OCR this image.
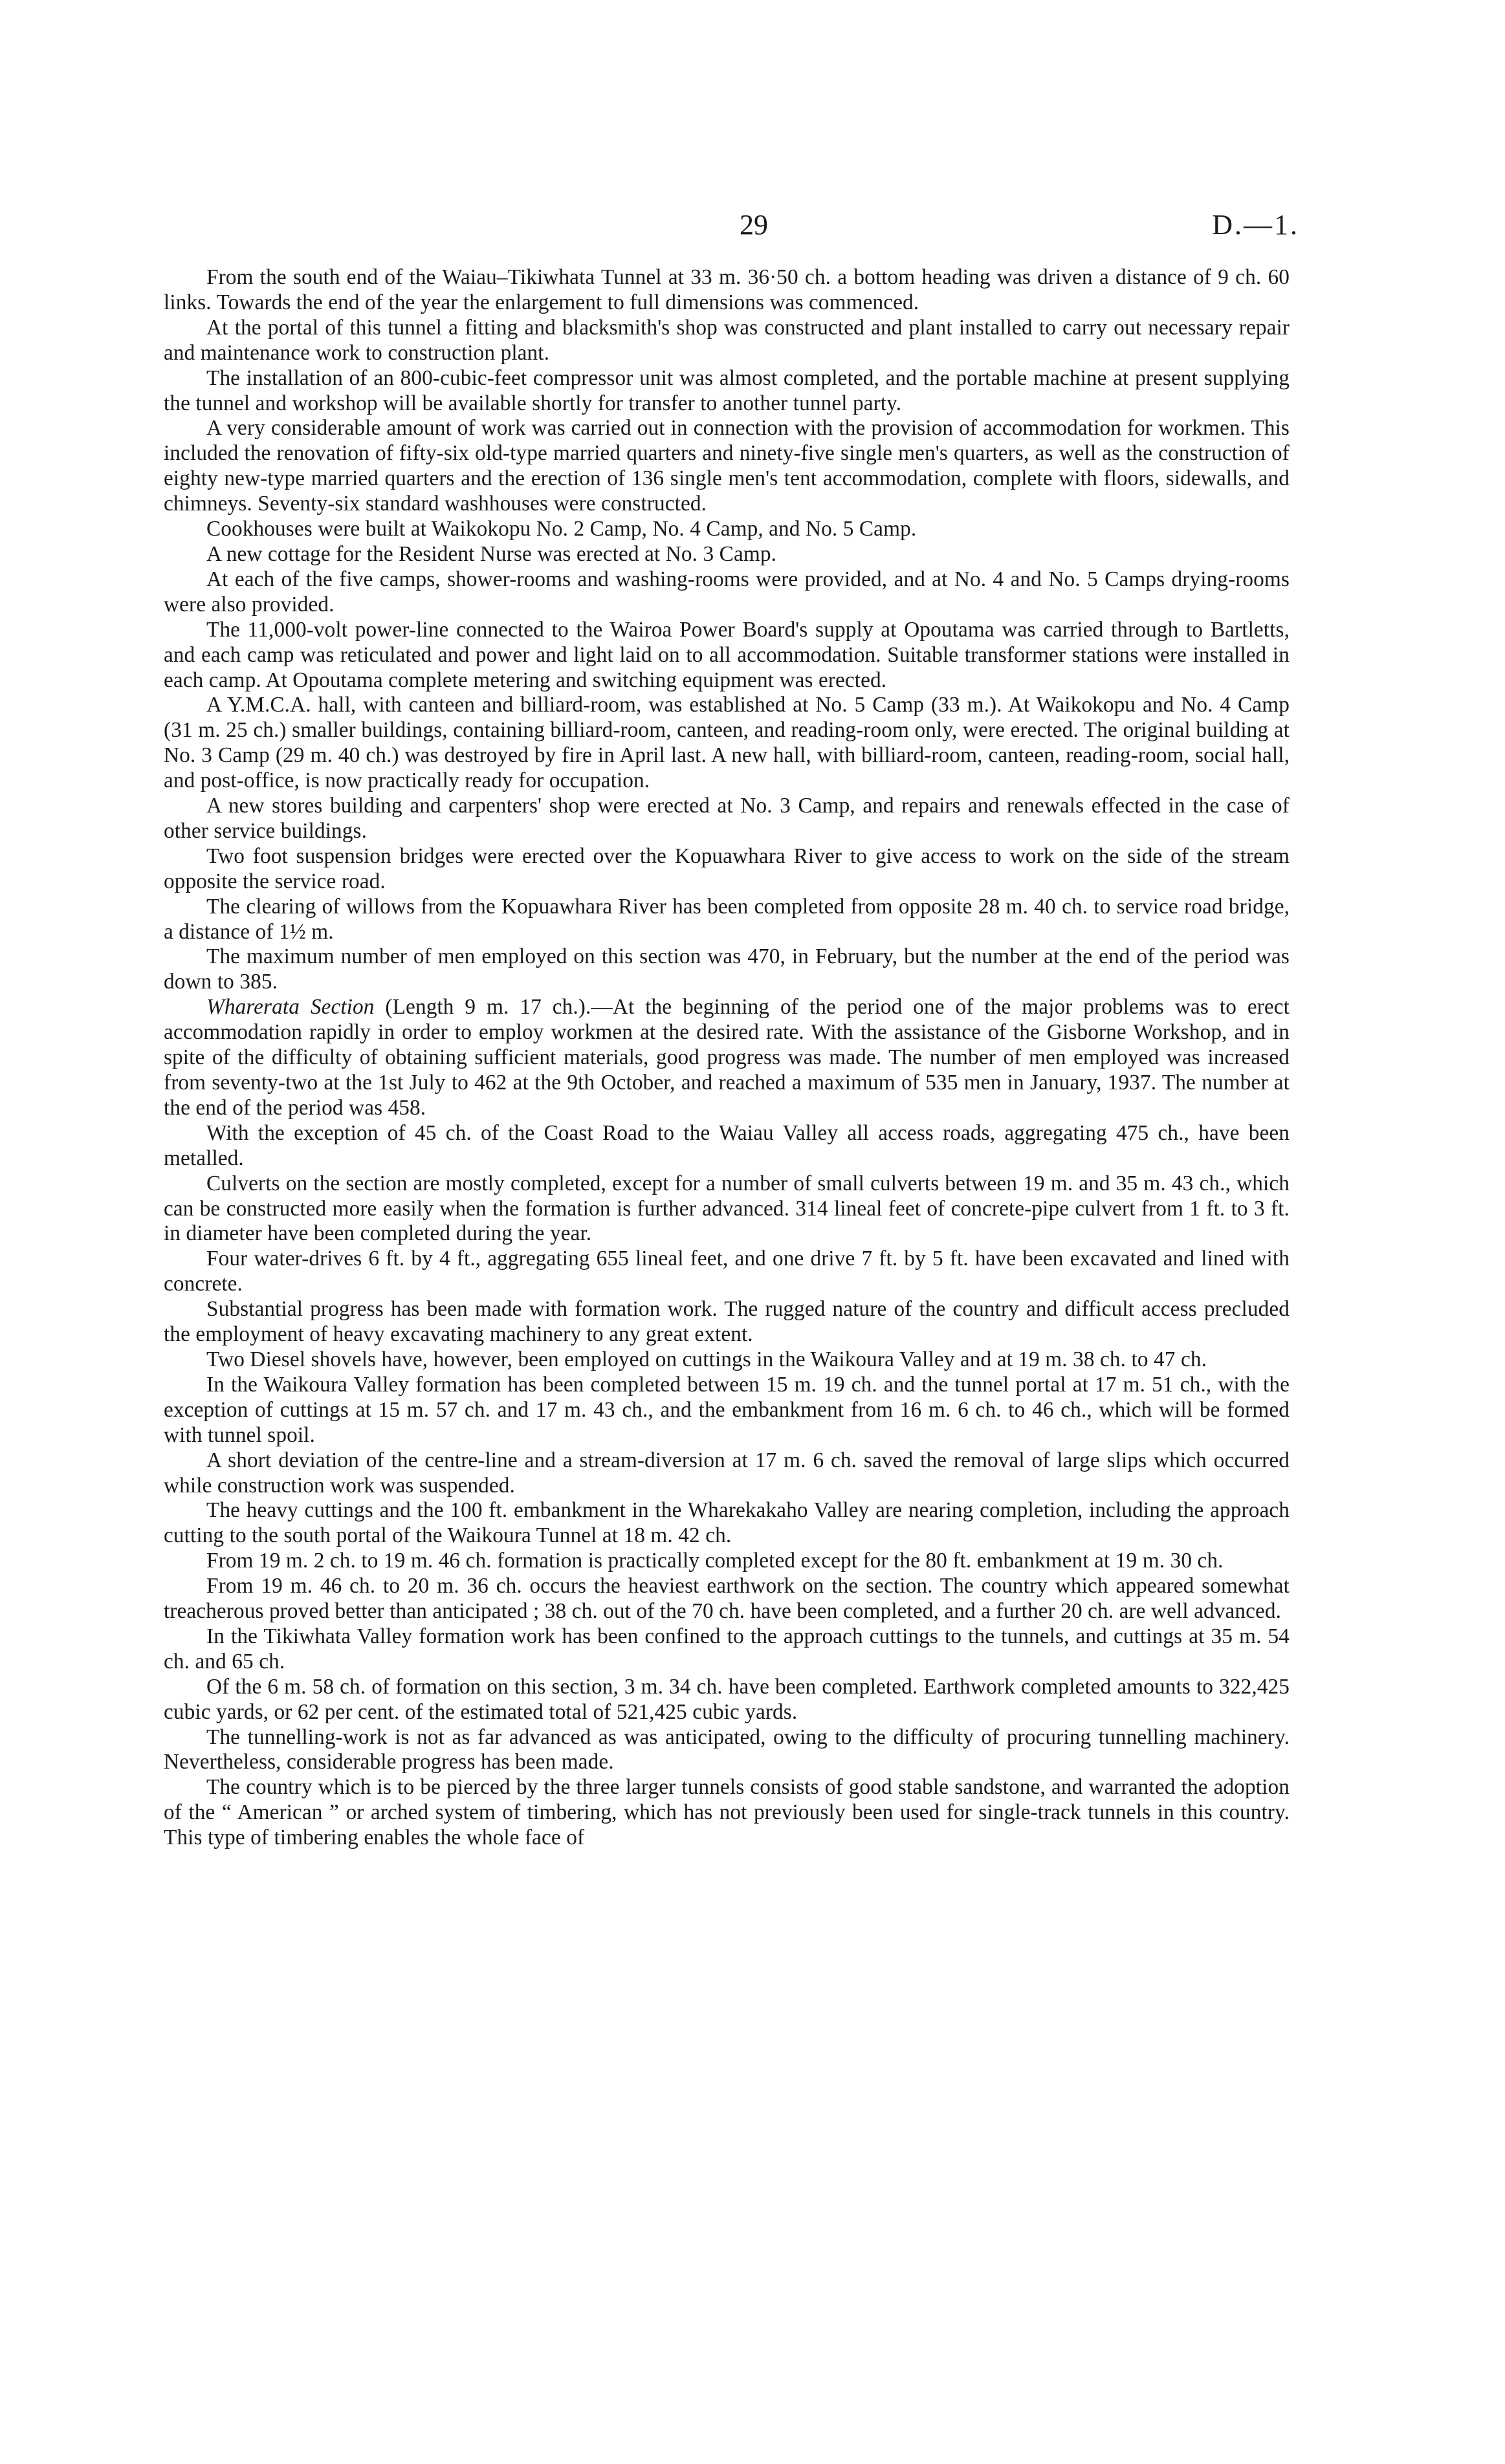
29	D.—1.

From the south end of the Waiau–Tikiwhata Tunnel at 33 m. 36·50 ch. a bottom heading was driven a distance of 9 ch. 60 links. Towards the end of the year the enlargement to full dimensions was commenced.

At the portal of this tunnel a fitting and blacksmith's shop was constructed and plant installed to carry out necessary repair and maintenance work to construction plant.

The installation of an 800-cubic-feet compressor unit was almost completed, and the portable machine at present supplying the tunnel and workshop will be available shortly for transfer to another tunnel party.

A very considerable amount of work was carried out in connection with the provision of accommodation for workmen. This included the renovation of fifty-six old-type married quarters and ninety-five single men's quarters, as well as the construction of eighty new-type married quarters and the erection of 136 single men's tent accommodation, complete with floors, sidewalls, and chimneys. Seventy-six standard washhouses were constructed.

Cookhouses were built at Waikokopu No. 2 Camp, No. 4 Camp, and No. 5 Camp.

A new cottage for the Resident Nurse was erected at No. 3 Camp.

At each of the five camps, shower-rooms and washing-rooms were provided, and at No. 4 and No. 5 Camps drying-rooms were also provided.

The 11,000-volt power-line connected to the Wairoa Power Board's supply at Opoutama was carried through to Bartletts, and each camp was reticulated and power and light laid on to all accommodation. Suitable transformer stations were installed in each camp. At Opoutama complete metering and switching equipment was erected.

A Y.M.C.A. hall, with canteen and billiard-room, was established at No. 5 Camp (33 m.). At Waikokopu and No. 4 Camp (31 m. 25 ch.) smaller buildings, containing billiard-room, canteen, and reading-room only, were erected. The original building at No. 3 Camp (29 m. 40 ch.) was destroyed by fire in April last. A new hall, with billiard-room, canteen, reading-room, social hall, and post-office, is now practically ready for occupation.

A new stores building and carpenters' shop were erected at No. 3 Camp, and repairs and renewals effected in the case of other service buildings.

Two foot suspension bridges were erected over the Kopuawhara River to give access to work on the side of the stream opposite the service road.

The clearing of willows from the Kopuawhara River has been completed from opposite 28 m. 40 ch. to service road bridge, a distance of 1½ m.

The maximum number of men employed on this section was 470, in February, but the number at the end of the period was down to 385.

Wharerata Section (Length 9 m. 17 ch.).—At the beginning of the period one of the major problems was to erect accommodation rapidly in order to employ workmen at the desired rate. With the assistance of the Gisborne Workshop, and in spite of the difficulty of obtaining sufficient materials, good progress was made. The number of men employed was increased from seventy-two at the 1st July to 462 at the 9th October, and reached a maximum of 535 men in January, 1937. The number at the end of the period was 458.

With the exception of 45 ch. of the Coast Road to the Waiau Valley all access roads, aggregating 475 ch., have been metalled.

Culverts on the section are mostly completed, except for a number of small culverts between 19 m. and 35 m. 43 ch., which can be constructed more easily when the formation is further advanced. 314 lineal feet of concrete-pipe culvert from 1 ft. to 3 ft. in diameter have been completed during the year.

Four water-drives 6 ft. by 4 ft., aggregating 655 lineal feet, and one drive 7 ft. by 5 ft. have been excavated and lined with concrete.

Substantial progress has been made with formation work. The rugged nature of the country and difficult access precluded the employment of heavy excavating machinery to any great extent.

Two Diesel shovels have, however, been employed on cuttings in the Waikoura Valley and at 19 m. 38 ch. to 47 ch.

In the Waikoura Valley formation has been completed between 15 m. 19 ch. and the tunnel portal at 17 m. 51 ch., with the exception of cuttings at 15 m. 57 ch. and 17 m. 43 ch., and the embankment from 16 m. 6 ch. to 46 ch., which will be formed with tunnel spoil.

A short deviation of the centre-line and a stream-diversion at 17 m. 6 ch. saved the removal of large slips which occurred while construction work was suspended.

The heavy cuttings and the 100 ft. embankment in the Wharekakaho Valley are nearing completion, including the approach cutting to the south portal of the Waikoura Tunnel at 18 m. 42 ch.

From 19 m. 2 ch. to 19 m. 46 ch. formation is practically completed except for the 80 ft. embankment at 19 m. 30 ch.

From 19 m. 46 ch. to 20 m. 36 ch. occurs the heaviest earthwork on the section. The country which appeared somewhat treacherous proved better than anticipated ; 38 ch. out of the 70 ch. have been completed, and a further 20 ch. are well advanced.

In the Tikiwhata Valley formation work has been confined to the approach cuttings to the tunnels, and cuttings at 35 m. 54 ch. and 65 ch.

Of the 6 m. 58 ch. of formation on this section, 3 m. 34 ch. have been completed. Earthwork completed amounts to 322,425 cubic yards, or 62 per cent. of the estimated total of 521,425 cubic yards.

The tunnelling-work is not as far advanced as was anticipated, owing to the difficulty of procuring tunnelling machinery. Nevertheless, considerable progress has been made.

The country which is to be pierced by the three larger tunnels consists of good stable sandstone, and warranted the adoption of the “ American ” or arched system of timbering, which has not previously been used for single-track tunnels in this country. This type of timbering enables the whole face of
